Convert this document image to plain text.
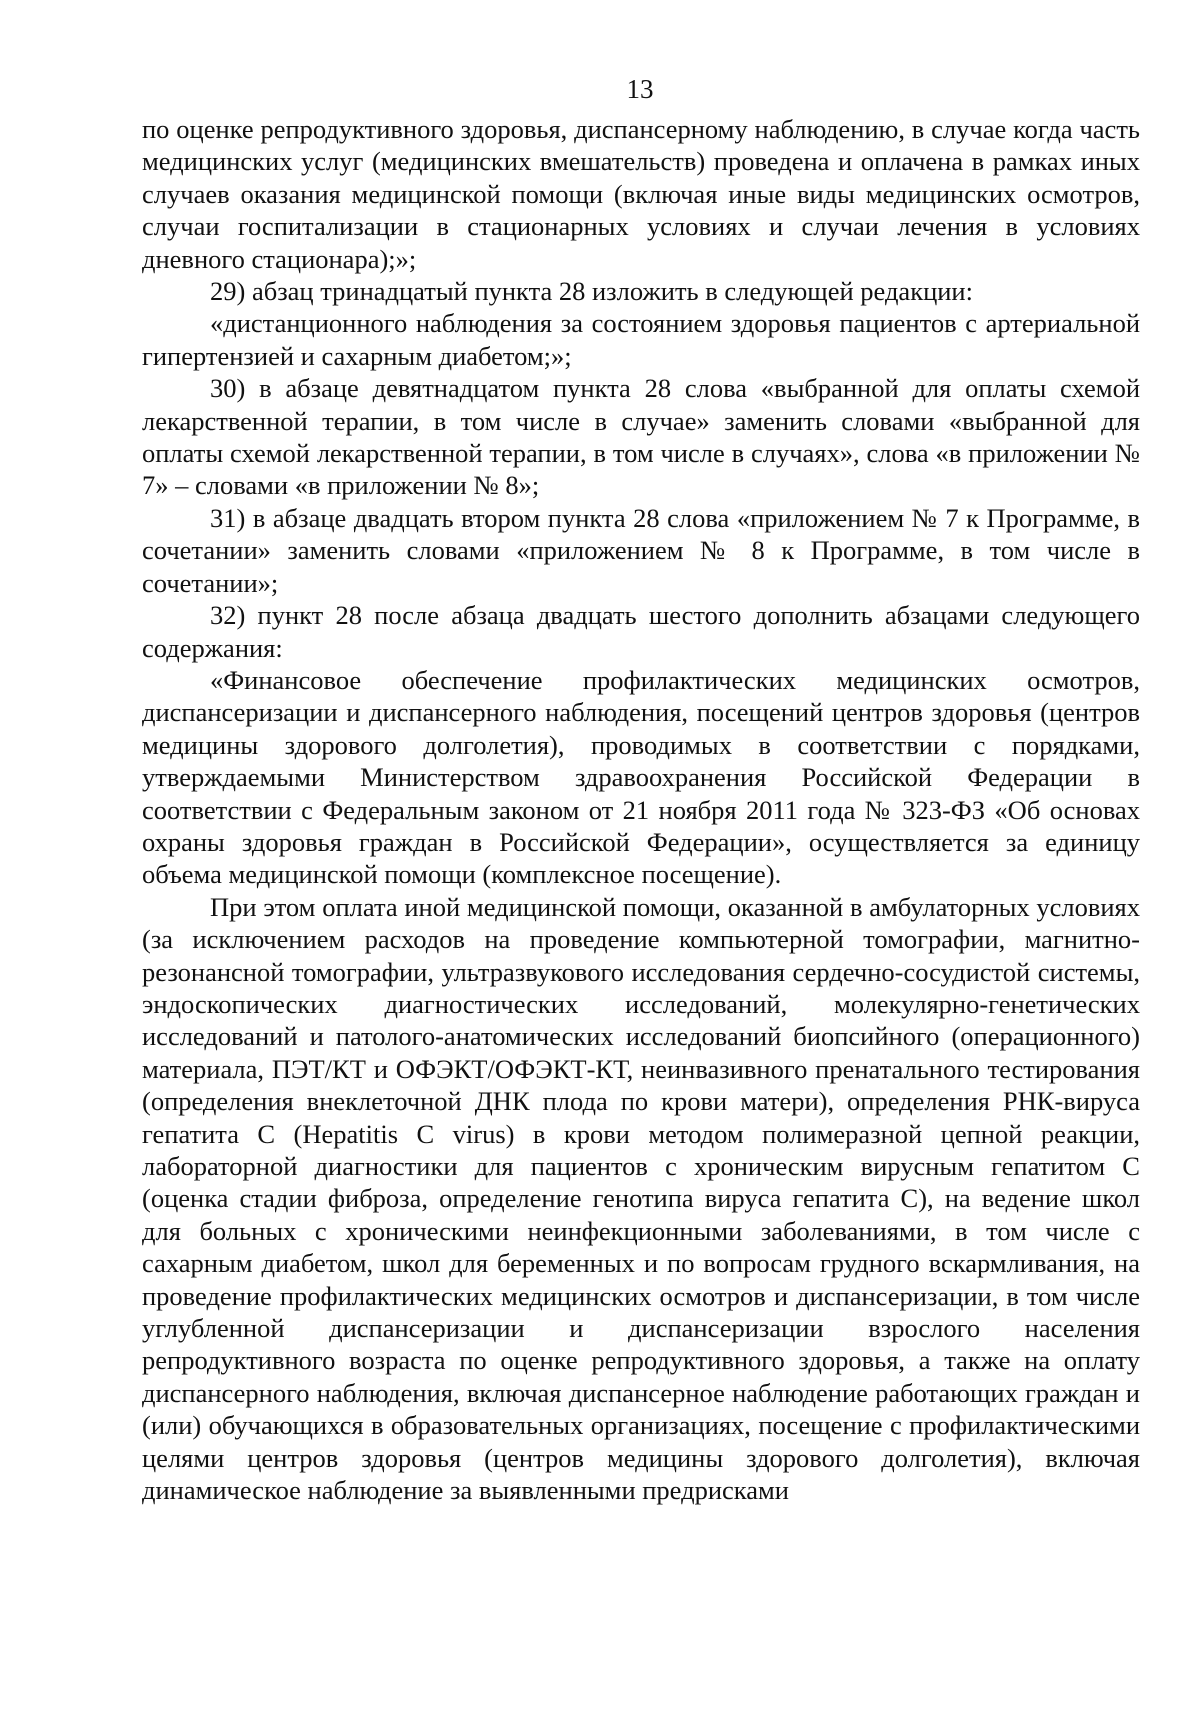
13

по оценке репродуктивного здоровья, диспансерному наблюдению, в случае когда часть медицинских услуг (медицинских вмешательств) проведена и оплачена в рамках иных случаев оказания медицинской помощи (включая иные виды медицинских осмотров, случаи госпитализации в стационарных условиях и случаи лечения в условиях дневного стационара);»;

29) абзац тринадцатый пункта 28 изложить в следующей редакции:

«дистанционного наблюдения за состоянием здоровья пациентов с артериальной гипертензией и сахарным диабетом;»;

30) в абзаце девятнадцатом пункта 28 слова «выбранной для оплаты схемой лекарственной терапии, в том числе в случае» заменить словами «выбранной для оплаты схемой лекарственной терапии, в том числе в случаях», слова «в приложении № 7» – словами «в приложении № 8»;

31) в абзаце двадцать втором пункта 28 слова «приложением № 7 к Программе, в сочетании» заменить словами «приложением № 8 к Программе, в том числе в сочетании»;

32) пункт 28 после абзаца двадцать шестого дополнить абзацами следующего содержания:

«Финансовое обеспечение профилактических медицинских осмотров, диспансеризации и диспансерного наблюдения, посещений центров здоровья (центров медицины здорового долголетия), проводимых в соответствии с порядками, утверждаемыми Министерством здравоохранения Российской Федерации в соответствии с Федеральным законом от 21 ноября 2011 года № 323-ФЗ «Об основах охраны здоровья граждан в Российской Федерации», осуществляется за единицу объема медицинской помощи (комплексное посещение).

При этом оплата иной медицинской помощи, оказанной в амбулаторных условиях (за исключением расходов на проведение компьютерной томографии, магнитно-резонансной томографии, ультразвукового исследования сердечно-сосудистой системы, эндоскопических диагностических исследований, молекулярно-генетических исследований и патолого-анатомических исследований биопсийного (операционного) материала, ПЭТ/КТ и ОФЭКТ/ОФЭКТ-КТ, неинвазивного пренатального тестирования (определения внеклеточной ДНК плода по крови матери), определения РНК-вируса гепатита С (Hepatitis C virus) в крови методом полимеразной цепной реакции, лабораторной диагностики для пациентов с хроническим вирусным гепатитом С (оценка стадии фиброза, определение генотипа вируса гепатита С), на ведение школ для больных с хроническими неинфекционными заболеваниями, в том числе с сахарным диабетом, школ для беременных и по вопросам грудного вскармливания, на проведение профилактических медицинских осмотров и диспансеризации, в том числе углубленной диспансеризации и диспансеризации взрослого населения репродуктивного возраста по оценке репродуктивного здоровья, а также на оплату диспансерного наблюдения, включая диспансерное наблюдение работающих граждан и (или) обучающихся в образовательных организациях, посещение с профилактическими целями центров здоровья (центров медицины здорового долголетия), включая динамическое наблюдение за выявленными предрисками
